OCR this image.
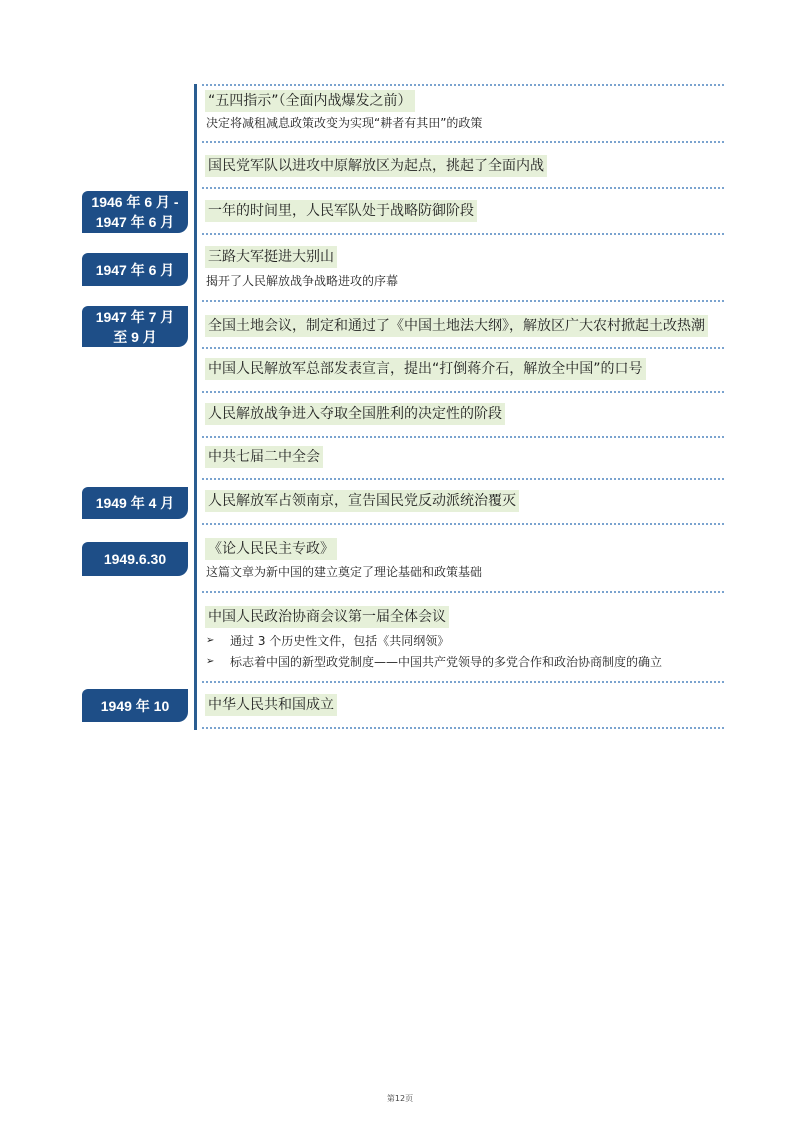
1946 年 6 月 -
1947 年 6 月
1947 年 6 月
1947 年 7 月
至 9 月
1949 年 4 月
1949.6.30
1949 年 10
“五四指示”（全面内战爆发之前）
决定将减租减息政策改变为实现“耕者有其田”的政策
国民党军队以进攻中原解放区为起点，挑起了全面内战
一年的时间里，人民军队处于战略防御阶段
三路大军挺进大别山
揭开了人民解放战争战略进攻的序幕
全国土地会议，制定和通过了《中国土地法大纲》，解放区广大农村掀起土改热潮
中国人民解放军总部发表宣言，提出“打倒蒋介石，解放全中国”的口号
人民解放战争进入夺取全国胜利的决定性的阶段
中共七届二中全会
人民解放军占领南京，宣告国民党反动派统治覆灭
《论人民民主专政》
这篇文章为新中国的建立奠定了理论基础和政策基础
中国人民政治协商会议第一届全体会议
➢	通过 3 个历史性文件，包括《共同纲领》
➢	标志着中国的新型政党制度——中国共产党领导的多党合作和政治协商制度的确立
中华人民共和国成立
第12页
